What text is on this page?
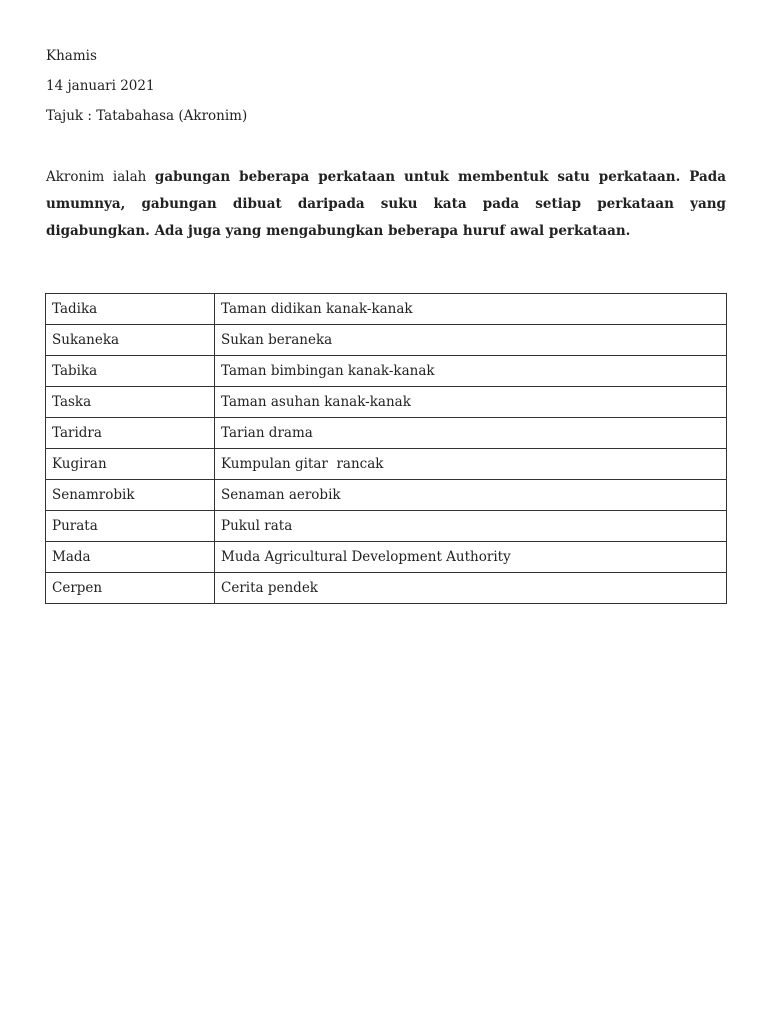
Khamis
14 januari 2021
Tajuk : Tatabahasa (Akronim)
Akronim ialah gabungan beberapa perkataan untuk membentuk satu perkataan. Pada umumnya, gabungan dibuat daripada suku kata pada setiap perkataan yang digabungkan. Ada juga yang mengabungkan beberapa huruf awal perkataan.
Tadika	Taman didikan kanak-kanak
Sukaneka	Sukan beraneka
Tabika	Taman bimbingan kanak-kanak
Taska	Taman asuhan kanak-kanak
Taridra	Tarian drama
Kugiran	Kumpulan gitar  rancak
Senamrobik	Senaman aerobik
Purata	Pukul rata
Mada	Muda Agricultural Development Authority
Cerpen	Cerita pendek
